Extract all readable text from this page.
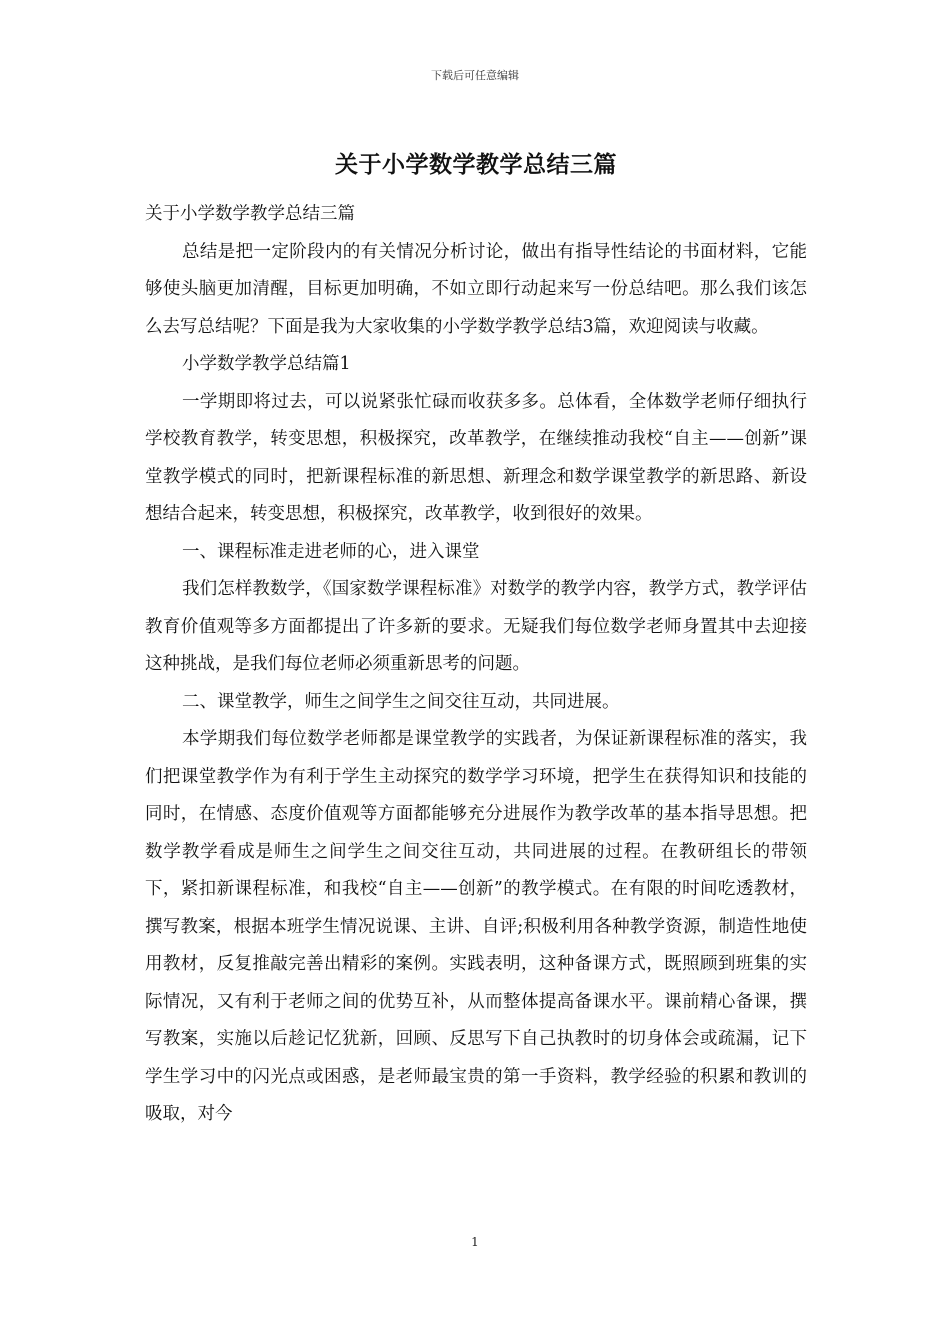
下载后可任意编辑
关于小学数学教学总结三篇

关于小学数学教学总结三篇

总结是把一定阶段内的有关情况分析讨论，做出有指导性结论的书面材料，它能够使头脑更加清醒，目标更加明确，不如立即行动起来写一份总结吧。那么我们该怎么去写总结呢？下面是我为大家收集的小学数学教学总结3篇，欢迎阅读与收藏。

小学数学教学总结篇1

一学期即将过去，可以说紧张忙碌而收获多多。总体看，全体数学老师仔细执行学校教育教学，转变思想，积极探究，改革教学，在继续推动我校“自主——创新”课堂教学模式的同时，把新课程标准的新思想、新理念和数学课堂教学的新思路、新设想结合起来，转变思想，积极探究，改革教学，收到很好的效果。

一、课程标准走进老师的心，进入课堂

我们怎样教数学，《国家数学课程标准》对数学的教学内容，教学方式，教学评估教育价值观等多方面都提出了许多新的要求。无疑我们每位数学老师身置其中去迎接这种挑战，是我们每位老师必须重新思考的问题。

二、课堂教学，师生之间学生之间交往互动，共同进展。

本学期我们每位数学老师都是课堂教学的实践者，为保证新课程标准的落实，我们把课堂教学作为有利于学生主动探究的数学学习环境，把学生在获得知识和技能的同时，在情感、态度价值观等方面都能够充分进展作为教学改革的基本指导思想。把数学教学看成是师生之间学生之间交往互动，共同进展的过程。在教研组长的带领下，紧扣新课程标准，和我校“自主——创新”的教学模式。在有限的时间吃透教材，撰写教案，根据本班学生情况说课、主讲、自评;积极利用各种教学资源，制造性地使用教材，反复推敲完善出精彩的案例。实践表明，这种备课方式，既照顾到班集的实际情况，又有利于老师之间的优势互补，从而整体提高备课水平。课前精心备课，撰写教案，实施以后趁记忆犹新，回顾、反思写下自己执教时的切身体会或疏漏，记下学生学习中的闪光点或困惑，是老师最宝贵的第一手资料，教学经验的积累和教训的吸取，对今

1
